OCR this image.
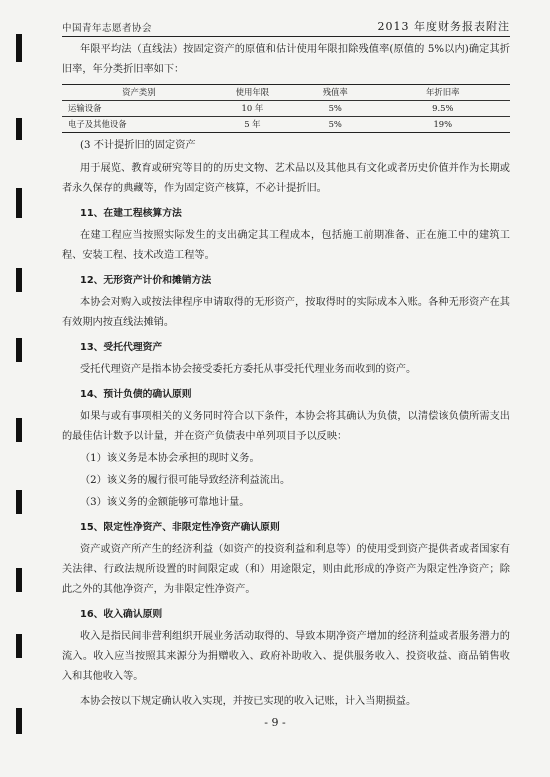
中国青年志愿者协会	2013 年度财务报表附注

年限平均法（直线法）按固定资产的原值和估计使用年限扣除残值率(原值的 5%以内)确定其折旧率，年分类折旧率如下：

资产类别	使用年限	残值率	年折旧率
运输设备	10 年	5%	9.5%
电子及其他设备	5 年	5%	19%

(3 不计提折旧的固定资产

用于展览、教育或研究等目的的历史文物、艺术品以及其他具有文化或者历史价值并作为长期或者永久保存的典藏等，作为固定资产核算，不必计提折旧。

11、在建工程核算方法

在建工程应当按照实际发生的支出确定其工程成本，包括施工前期准备、正在施工中的建筑工程、安装工程、技术改造工程等。

12、无形资产计价和摊销方法

本协会对购入或按法律程序申请取得的无形资产，按取得时的实际成本入账。各种无形资产在其有效期内按直线法摊销。

13、受托代理资产

受托代理资产是指本协会接受委托方委托从事受托代理业务而收到的资产。

14、预计负债的确认原则

如果与或有事项相关的义务同时符合以下条件，本协会将其确认为负债，以清偿该负债所需支出的最佳估计数予以计量，并在资产负债表中单列项目予以反映：

（1）该义务是本协会承担的现时义务。
（2）该义务的履行很可能导致经济利益流出。
（3）该义务的金额能够可靠地计量。
15、限定性净资产、非限定性净资产确认原则

资产或资产所产生的经济利益（如资产的投资利益和利息等）的使用受到资产提供者或者国家有关法律、行政法规所设置的时间限定或（和）用途限定，则由此形成的净资产为限定性净资产；除此之外的其他净资产，为非限定性净资产。

16、收入确认原则

收入是指民间非营利组织开展业务活动取得的、导致本期净资产增加的经济利益或者服务潜力的流入。收入应当按照其来源分为捐赠收入、政府补助收入、提供服务收入、投资收益、商品销售收入和其他收入等。

本协会按以下规定确认收入实现，并按已实现的收入记账，计入当期损益。

- 9 -
